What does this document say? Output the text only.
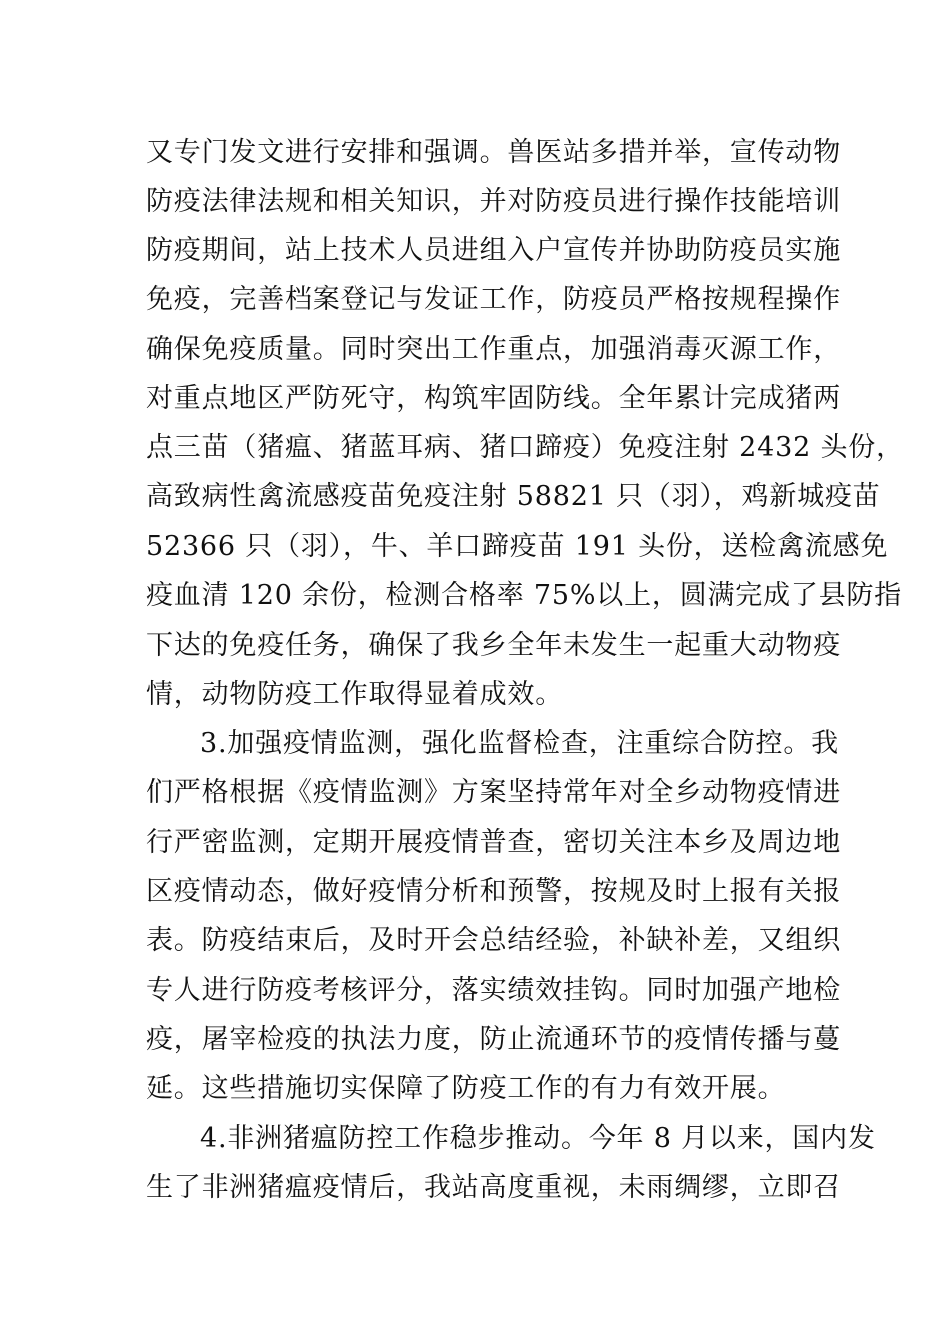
又专门发文进行安排和强调。兽医站多措并举，宣传动物
防疫法律法规和相关知识，并对防疫员进行操作技能培训
防疫期间，站上技术人员进组入户宣传并协助防疫员实施
免疫，完善档案登记与发证工作，防疫员严格按规程操作
确保免疫质量。同时突出工作重点，加强消毒灭源工作，
对重点地区严防死守，构筑牢固防线。全年累计完成猪两
点三苗（猪瘟、猪蓝耳病、猪口蹄疫）免疫注射 2432 头份，
高致病性禽流感疫苗免疫注射 58821 只（羽），鸡新城疫苗
52366 只（羽），牛、羊口蹄疫苗 191 头份，送检禽流感免
疫血清 120 余份，检测合格率 75%以上，圆满完成了县防指
下达的免疫任务，确保了我乡全年未发生一起重大动物疫
情，动物防疫工作取得显着成效。
3.加强疫情监测，强化监督检查，注重综合防控。我
们严格根据《疫情监测》方案坚持常年对全乡动物疫情进
行严密监测，定期开展疫情普查，密切关注本乡及周边地
区疫情动态，做好疫情分析和预警，按规及时上报有关报
表。防疫结束后，及时开会总结经验，补缺补差，又组织
专人进行防疫考核评分，落实绩效挂钩。同时加强产地检
疫，屠宰检疫的执法力度，防止流通环节的疫情传播与蔓
延。这些措施切实保障了防疫工作的有力有效开展。
4.非洲猪瘟防控工作稳步推动。今年 8 月以来，国内发
生了非洲猪瘟疫情后，我站高度重视，未雨绸缪，立即召
